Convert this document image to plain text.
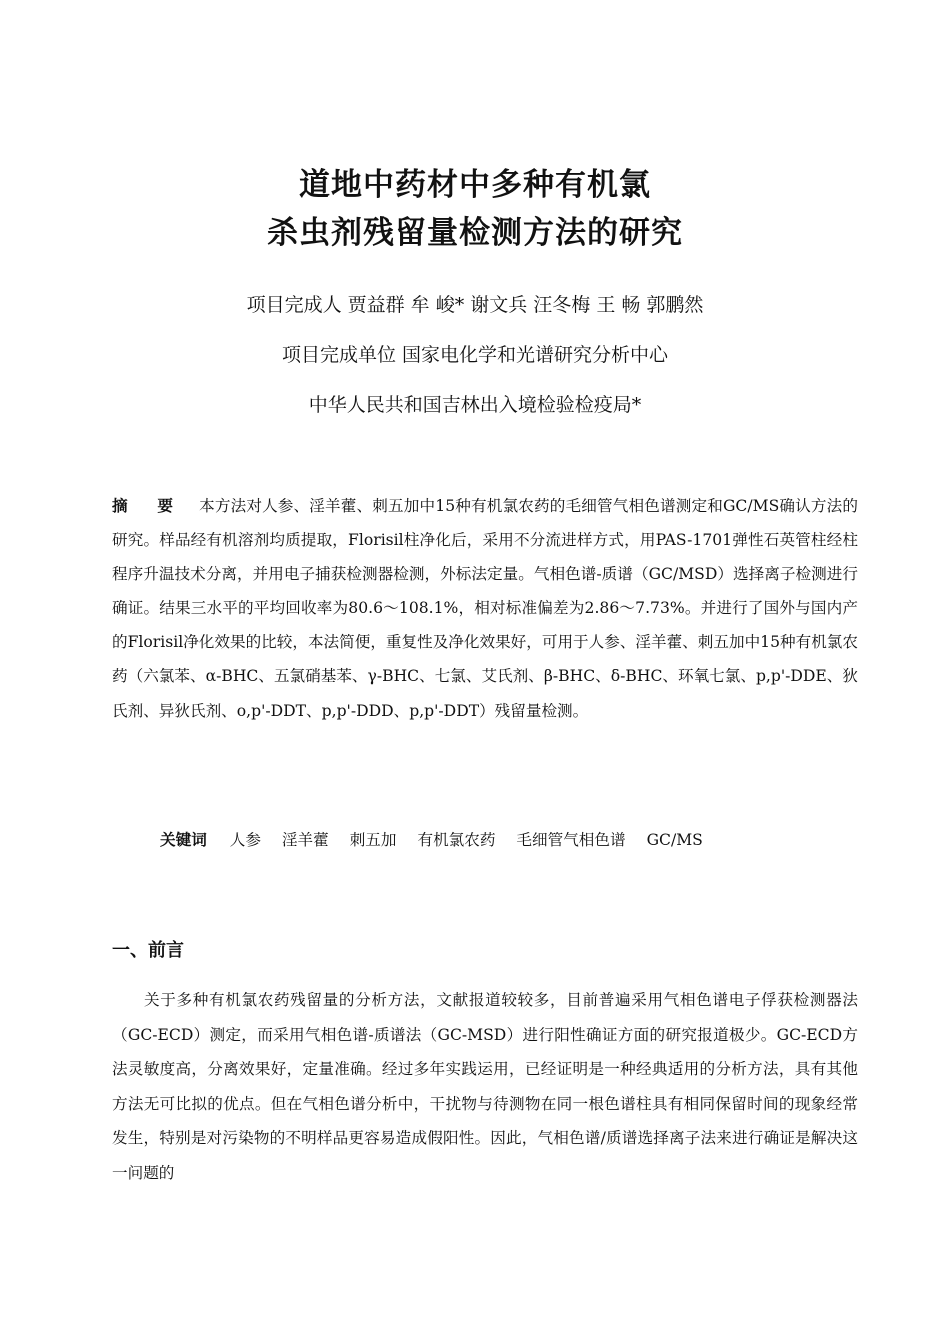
道地中药材中多种有机氯
杀虫剂残留量检测方法的研究
项目完成人 贾益群 牟 峻* 谢文兵 汪冬梅 王 畅 郭鹏然
项目完成单位 国家电化学和光谱研究分析中心
中华人民共和国吉林出入境检验检疫局*
摘 要 本方法对人参、淫羊藿、刺五加中15种有机氯农药的毛细管气相色谱测定和GC/MS确认方法的研究。样品经有机溶剂均质提取，Florisil柱净化后，采用不分流进样方式，用PAS-1701弹性石英管柱经柱程序升温技术分离，并用电子捕获检测器检测，外标法定量。气相色谱-质谱（GC/MSD）选择离子检测进行确证。结果三水平的平均回收率为80.6～108.1%，相对标准偏差为2.86～7.73%。并进行了国外与国内产的Florisil净化效果的比较，本法简便，重复性及净化效果好，可用于人参、淫羊藿、刺五加中15种有机氯农药（六氯苯、α-BHC、五氯硝基苯、γ-BHC、七氯、艾氏剂、β-BHC、δ-BHC、环氧七氯、p,p'-DDE、狄氏剂、异狄氏剂、o,p'-DDT、p,p'-DDD、p,p'-DDT）残留量检测。
关键词 人参 淫羊藿 刺五加 有机氯农药 毛细管气相色谱 GC/MS
一、前言
关于多种有机氯农药残留量的分析方法，文献报道较较多，目前普遍采用气相色谱电子俘获检测器法（GC-ECD）测定，而采用气相色谱-质谱法（GC-MSD）进行阳性确证方面的研究报道极少。GC-ECD方法灵敏度高，分离效果好，定量准确。经过多年实践运用，已经证明是一种经典适用的分析方法，具有其他方法无可比拟的优点。但在气相色谱分析中，干扰物与待测物在同一根色谱柱具有相同保留时间的现象经常发生，特别是对污染物的不明样品更容易造成假阳性。因此，气相色谱/质谱选择离子法来进行确证是解决这一问题的
